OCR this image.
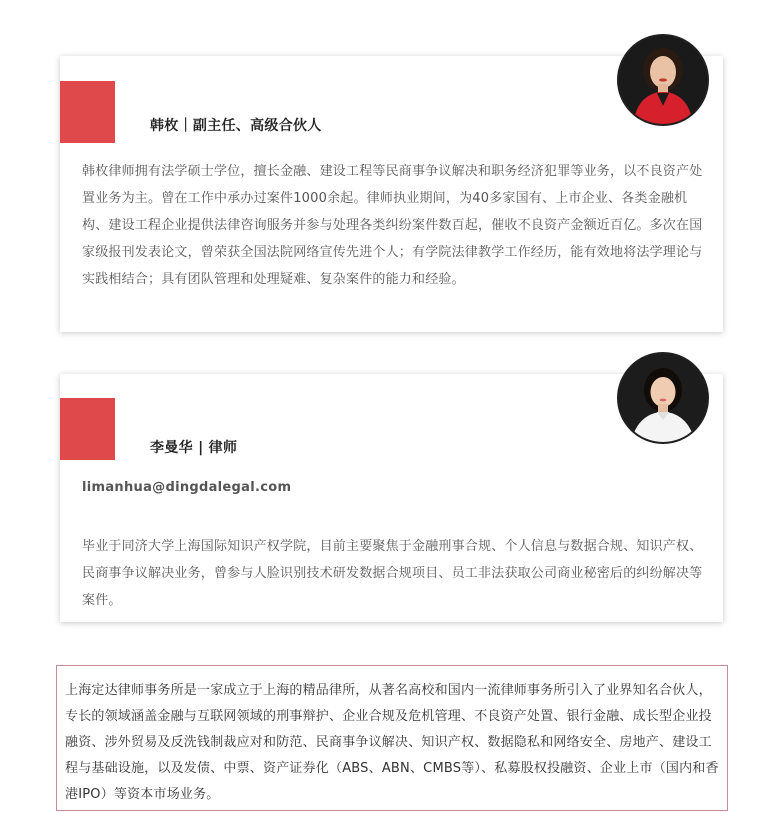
韩枚｜副主任、高级合伙人

韩枚律师拥有法学硕士学位，擅长金融、建设工程等民商事争议解决和职务经济犯罪等业务，以不良资产处置业务为主。曾在工作中承办过案件1000余起。律师执业期间，为40多家国有、上市企业、各类金融机构、建设工程企业提供法律咨询服务并参与处理各类纠纷案件数百起，催收不良资产金额近百亿。多次在国家级报刊发表论文，曾荣获全国法院网络宣传先进个人；有学院法律教学工作经历，能有效地将法学理论与实践相结合；具有团队管理和处理疑难、复杂案件的能力和经验。

李曼华 | 律师
limanhua@dingdalegal.com

毕业于同济大学上海国际知识产权学院，目前主要聚焦于金融刑事合规、个人信息与数据合规、知识产权、民商事争议解决业务，曾参与人脸识别技术研发数据合规项目、员工非法获取公司商业秘密后的纠纷解决等案件。

上海定达律师事务所是一家成立于上海的精品律所，从著名高校和国内一流律师事务所引入了业界知名合伙人，专长的领域涵盖金融与互联网领域的刑事辩护、企业合规及危机管理、不良资产处置、银行金融、成长型企业投融资、涉外贸易及反洗钱制裁应对和防范、民商事争议解决、知识产权、数据隐私和网络安全、房地产、建设工程与基础设施，以及发债、中票、资产证券化（ABS、ABN、CMBS等）、私募股权投融资、企业上市（国内和香港IPO）等资本市场业务。
